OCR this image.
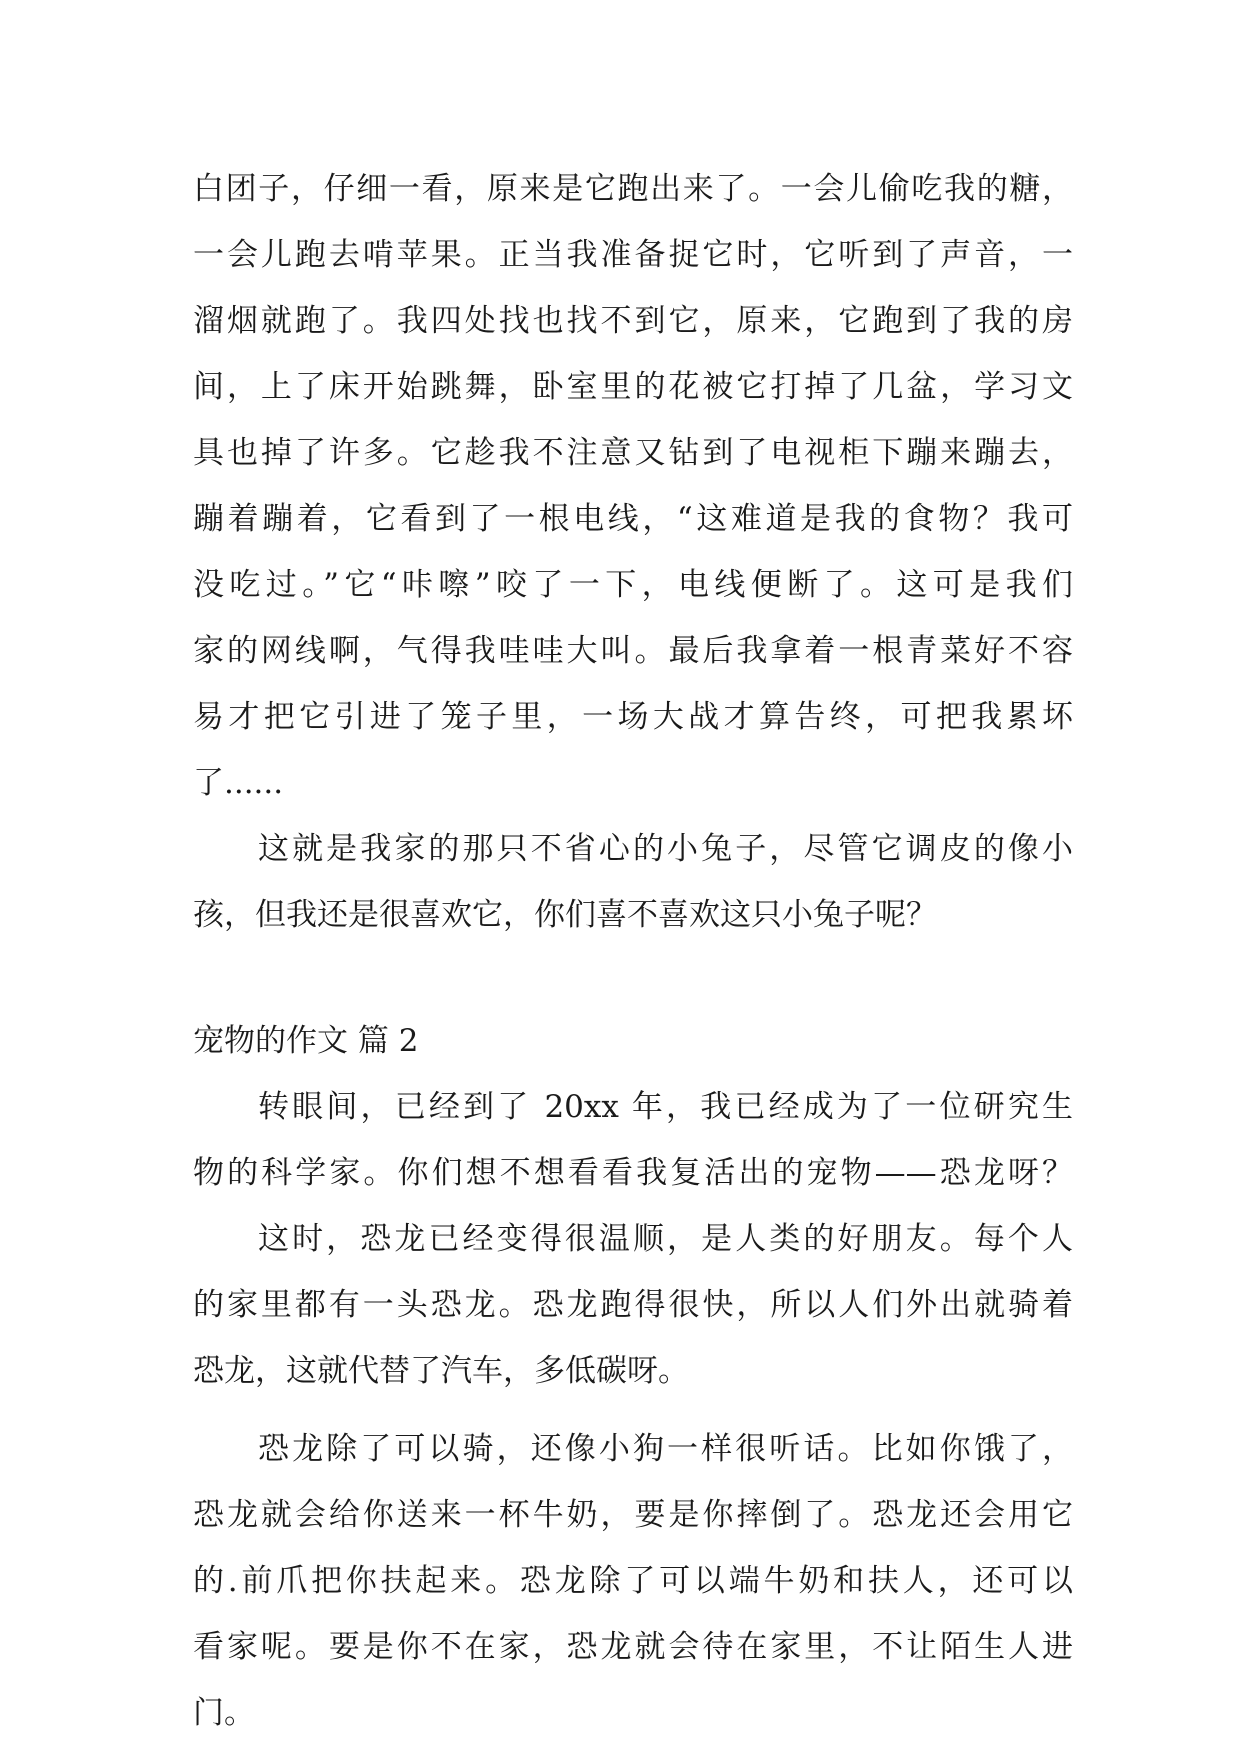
白团子，仔细一看，原来是它跑出来了。一会儿偷吃我的糖，
一会儿跑去啃苹果。正当我准备捉它时，它听到了声音，一
溜烟就跑了。我四处找也找不到它，原来，它跑到了我的房
间，上了床开始跳舞，卧室里的花被它打掉了几盆，学习文
具也掉了许多。它趁我不注意又钻到了电视柜下蹦来蹦去，
蹦着蹦着，它看到了一根电线，“这难道是我的食物？我可
没吃过。”它“咔嚓”咬了一下，电线便断了。这可是我们
家的网线啊，气得我哇哇大叫。最后我拿着一根青菜好不容
易才把它引进了笼子里，一场大战才算告终，可把我累坏
了......
这就是我家的那只不省心的小兔子，尽管它调皮的像小
孩，但我还是很喜欢它，你们喜不喜欢这只小兔子呢？
宠物的作文 篇 2
转眼间，已经到了 20xx 年，我已经成为了一位研究生
物的科学家。你们想不想看看我复活出的宠物——恐龙呀？
这时，恐龙已经变得很温顺，是人类的好朋友。每个人
的家里都有一头恐龙。恐龙跑得很快，所以人们外出就骑着
恐龙，这就代替了汽车，多低碳呀。
恐龙除了可以骑，还像小狗一样很听话。比如你饿了，
恐龙就会给你送来一杯牛奶，要是你摔倒了。恐龙还会用它
的.前爪把你扶起来。恐龙除了可以端牛奶和扶人，还可以
看家呢。要是你不在家，恐龙就会待在家里，不让陌生人进
门。
